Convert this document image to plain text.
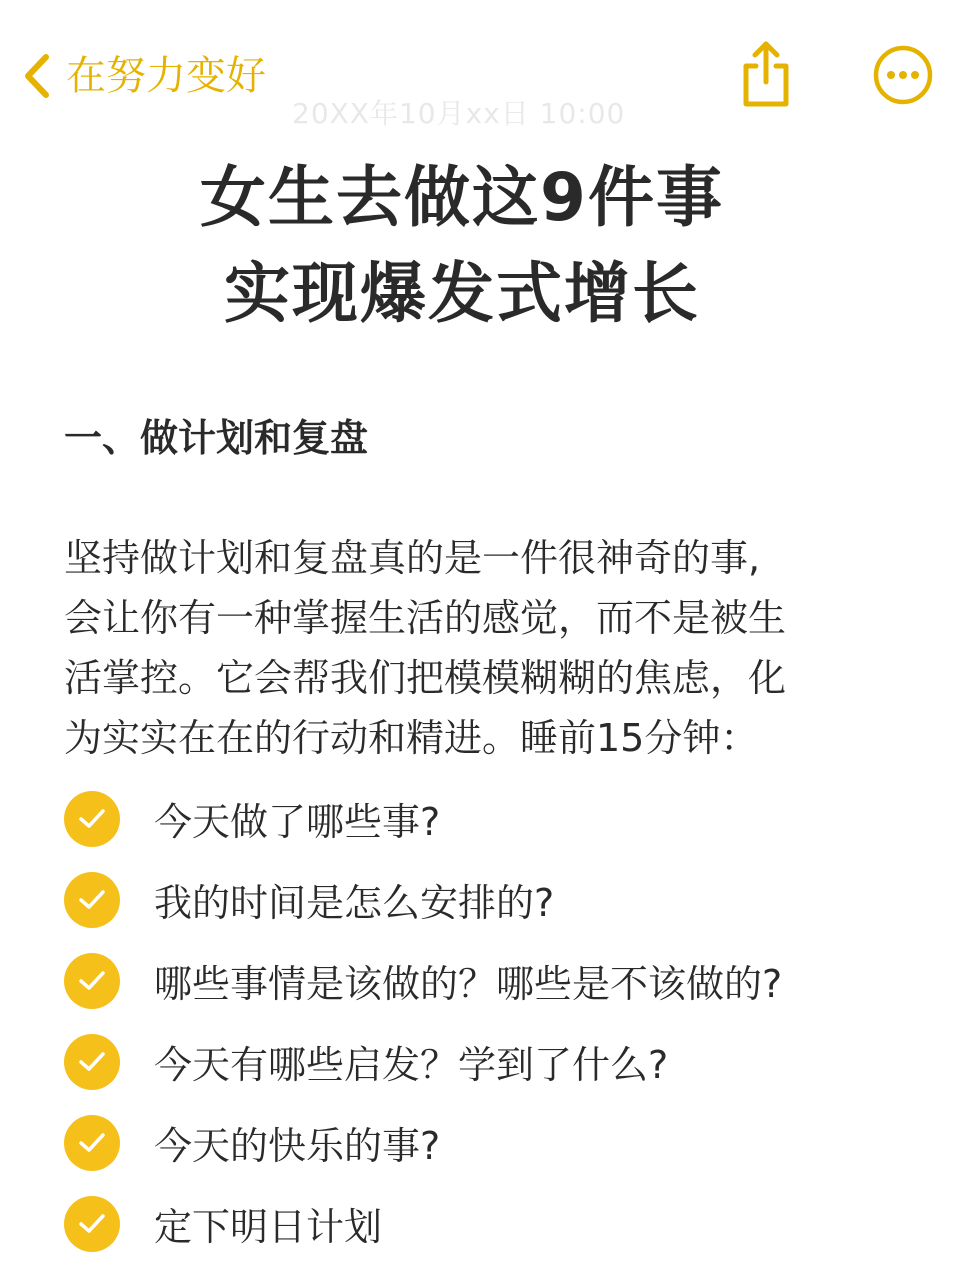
在努力变好
20XX年10月xx日 10:00
女生去做这9件事
实现爆发式增长
一、做计划和复盘
坚持做计划和复盘真的是一件很神奇的事,
会让你有一种掌握生活的感觉，而不是被生
活掌控。它会帮我们把模模糊糊的焦虑，化
为实实在在的行动和精进。睡前15分钟：
今天做了哪些事?
我的时间是怎么安排的?
哪些事情是该做的？哪些是不该做的?
今天有哪些启发？学到了什么?
今天的快乐的事?
定下明日计划
